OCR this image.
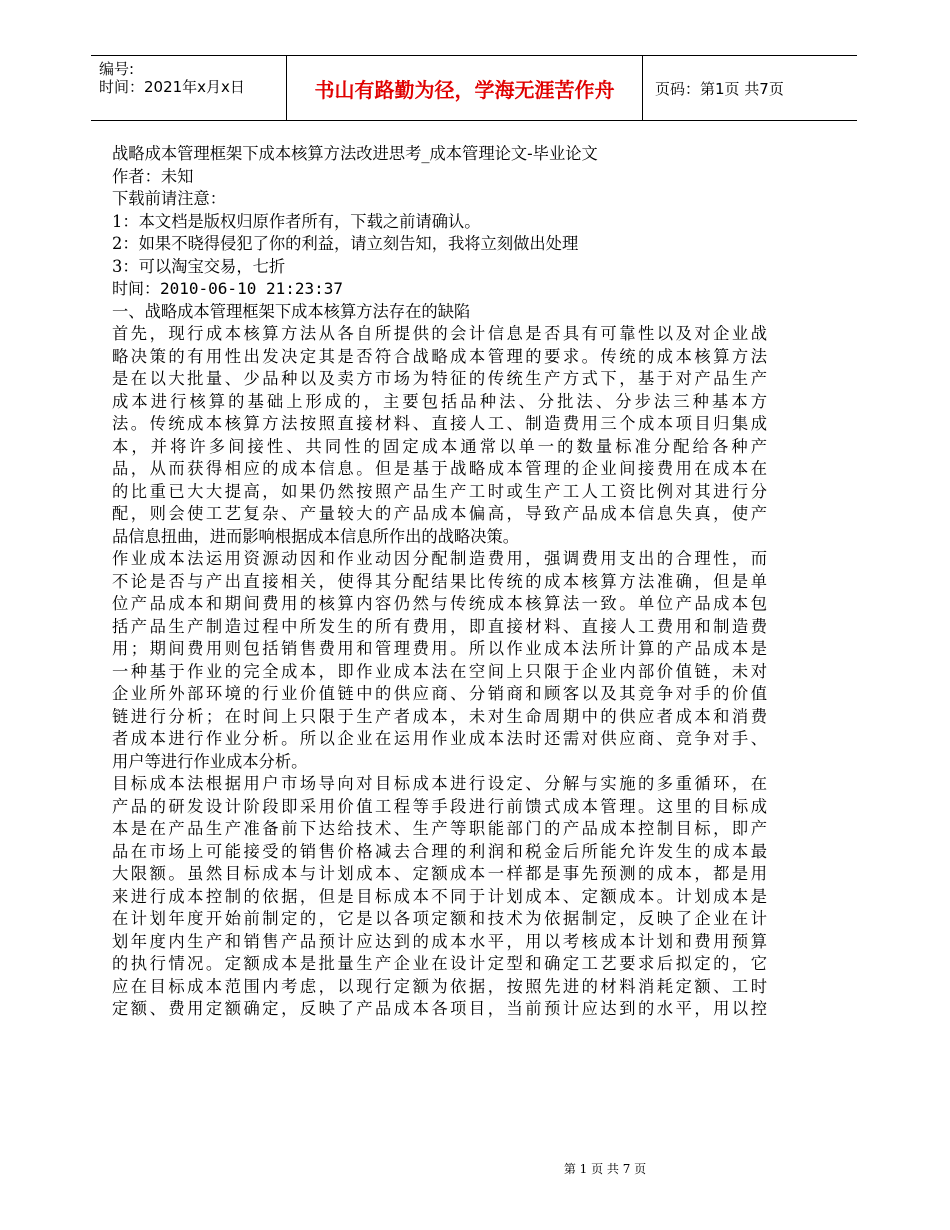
编号:
时间：2021年x月x日	书山有路勤为径，学海无涯苦作舟	页码：第1页 共7页
战略成本管理框架下成本核算方法改进思考_成本管理论文-毕业论文
作者：未知
下载前请注意：
1：本文档是版权归原作者所有，下载之前请确认。
2：如果不晓得侵犯了你的利益，请立刻告知，我将立刻做出处理
3：可以淘宝交易，七折
时间：2010-06-10 21:23:37
一、战略成本管理框架下成本核算方法存在的缺陷
首先，现行成本核算方法从各自所提供的会计信息是否具有可靠性以及对企业战
略决策的有用性出发决定其是否符合战略成本管理的要求。传统的成本核算方法
是在以大批量、少品种以及卖方市场为特征的传统生产方式下，基于对产品生产
成本进行核算的基础上形成的，主要包括品种法、分批法、分步法三种基本方
法。传统成本核算方法按照直接材料、直接人工、制造费用三个成本项目归集成
本，并将许多间接性、共同性的固定成本通常以单一的数量标准分配给各种产
品，从而获得相应的成本信息。但是基于战略成本管理的企业间接费用在成本在
的比重已大大提高，如果仍然按照产品生产工时或生产工人工资比例对其进行分
配，则会使工艺复杂、产量较大的产品成本偏高，导致产品成本信息失真，使产
品信息扭曲，进而影响根据成本信息所作出的战略决策。
作业成本法运用资源动因和作业动因分配制造费用，强调费用支出的合理性，而
不论是否与产出直接相关，使得其分配结果比传统的成本核算方法准确，但是单
位产品成本和期间费用的核算内容仍然与传统成本核算法一致。单位产品成本包
括产品生产制造过程中所发生的所有费用，即直接材料、直接人工费用和制造费
用；期间费用则包括销售费用和管理费用。所以作业成本法所计算的产品成本是
一种基于作业的完全成本，即作业成本法在空间上只限于企业内部价值链，未对
企业所外部环境的行业价值链中的供应商、分销商和顾客以及其竞争对手的价值
链进行分析；在时间上只限于生产者成本，未对生命周期中的供应者成本和消费
者成本进行作业分析。所以企业在运用作业成本法时还需对供应商、竞争对手、
用户等进行作业成本分析。
目标成本法根据用户市场导向对目标成本进行设定、分解与实施的多重循环，在
产品的研发设计阶段即采用价值工程等手段进行前馈式成本管理。这里的目标成
本是在产品生产准备前下达给技术、生产等职能部门的产品成本控制目标，即产
品在市场上可能接受的销售价格减去合理的利润和税金后所能允许发生的成本最
大限额。虽然目标成本与计划成本、定额成本一样都是事先预测的成本，都是用
来进行成本控制的依据，但是目标成本不同于计划成本、定额成本。计划成本是
在计划年度开始前制定的，它是以各项定额和技术为依据制定，反映了企业在计
划年度内生产和销售产品预计应达到的成本水平，用以考核成本计划和费用预算
的执行情况。定额成本是批量生产企业在设计定型和确定工艺要求后拟定的，它
应在目标成本范围内考虑，以现行定额为依据，按照先进的材料消耗定额、工时
定额、费用定额确定，反映了产品成本各项目，当前预计应达到的水平，用以控
第 1 页 共 7 页
